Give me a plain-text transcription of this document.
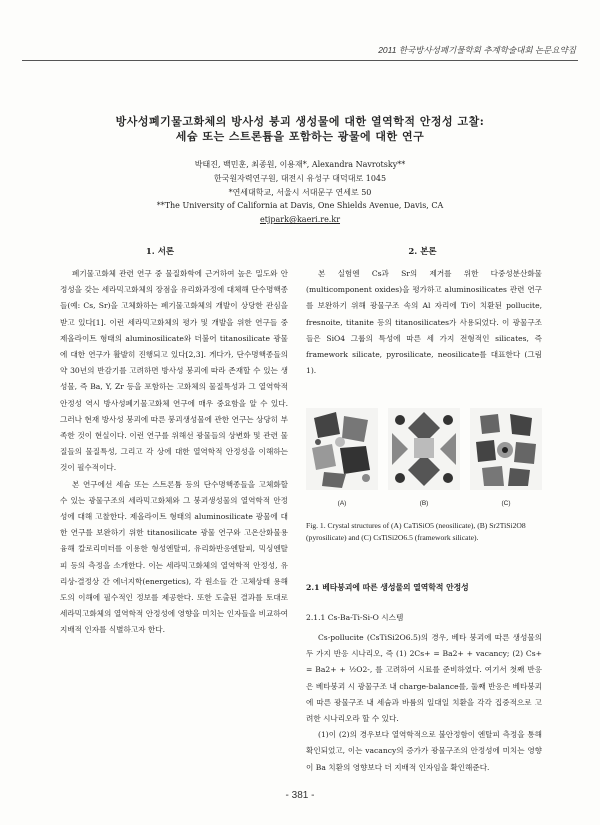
2011 한국방사성폐기물학회 추계학술대회 논문요약집
방사성폐기물고화체의 방사성 붕괴 생성물에 대한 열역학적 안정성 고찰:
세슘 또는 스트론튬을 포함하는 광물에 대한 연구
박태진, 백민훈, 최종원, 이용재*, Alexandra Navrotsky**
한국원자력연구원, 대전시 유성구 대덕대로 1045
*연세대학교, 서울시 서대문구 연세로 50
**The University of California at Davis, One Shields Avenue, Davis, CA
etjpark@kaeri.re.kr
1. 서론	2. 본론

폐기물고화체 관련 연구 중 물질화학에 근거하여 높은 밀도와 안정성을 갖는 세라믹고화체의 장점을 유리화과정에 대체해 단수명핵종들(예: Cs, Sr)을 고체화하는 폐기물고화체의 개발이 상당한 관심을 받고 있다[1]. 이런 세라믹고화체의 평가 및 개발을 위한 연구들 중 제올라이트 형태의 aluminosilicate와 더불어 titanosilicate 광물에 대한 연구가 활발히 진행되고 있다[2,3]. 게다가, 단수명핵종들의 약 30년의 반감기를 고려하면 방사성 붕괴에 따라 존재할 수 있는 생성물, 즉 Ba, Y, Zr 등을 포함하는 고화체의 물질특성과 그 열역학적 안정성 역시 방사성폐기물고화체 연구에 매우 중요함을 알 수 있다. 그러나 현재 방사성 붕괴에 따른 붕괴생성물에 관한 연구는 상당히 부족한 것이 현실이다. 이런 연구를 위해선 광물들의 상변화 및 관련 물질들의 물질특성, 그리고 각 상에 대한 열역학적 안정성을 이해하는 것이 필수적이다.

본 연구에선 세슘 또는 스트론튬 등의 단수명핵종들을 고체화할 수 있는 광물구조의 세라믹고화체와 그 붕괴생성물의 열역학적 안정성에 대해 고찰한다. 제올라이트 형태의 aluminosilicate 광물에 대한 연구를 보완하기 위한 titanosilicate 광물 연구와 고온산화물용융해 칼로리미터를 이용한 형성엔탈피, 유리화반응엔탈피, 믹싱엔탈피 등의 측정을 소개한다. 이는 세라믹고화체의 열역학적 안정성, 유리상-결정상 간 에너지학(energetics), 각 원소들 간 고체상태 용해도의 이해에 필수적인 정보를 제공한다. 또한 도출된 결과를 토대로 세라믹고화체의 열역학적 안정성에 영향을 미치는 인자들을 비교하여 지배적 인자를 식별하고자 한다.

본 실험엔 Cs과 Sr의 제거를 위한 다중성분산화물(multicomponent oxides)을 평가하고 aluminosilicates 관련 연구를 보완하기 위해 광물구조 속의 Al 자리에 Ti이 치환된 pollucite, fresnoite, titanite 등의 titanosilicates가 사용되었다. 이 광물구조들은 SiO4 그룹의 특성에 따른 세 가지 전형적인 silicates, 즉 framework silicate, pyrosilicate, neosilicate를 대표한다 (그림 1).

(A)	(B)	(C)
Fig. 1. Crystal structures of (A) CaTiSiO5 (neosilicate), (B) Sr2TiSi2O8 (pyrosilicate) and (C) CsTiSi2O6.5 (framework silicate).
2.1 베타붕괴에 따른 생성물의 열역학적 안정성
2.1.1 Cs-Ba-Ti-Si-O 시스템

Cs-pollucite (CsTiSi2O6.5)의 경우, 베타 붕괴에 따른 생성물의 두 가지 반응 시나리오, 즉 (1) 2Cs+ = Ba2+ + vacancy; (2) Cs+ = Ba2+ + ½O2-, 를 고려하여 시료를 준비하였다. 여기서 첫째 반응은 베타붕괴 시 광물구조 내 charge-balance를, 둘째 반응은 베타붕괴에 따른 광물구조 내 세슘과 바륨의 일대일 치환을 각각 집중적으로 고려한 시나리오라 할 수 있다.

(1)이 (2)의 경우보다 열역학적으로 불안정함이 엔탈피 측정을 통해 확인되었고, 이는 vacancy의 증가가 광물구조의 안정성에 미치는 영향이 Ba 치환의 영향보다 더 지배적 인자임을 확인해준다.

- 381 -
